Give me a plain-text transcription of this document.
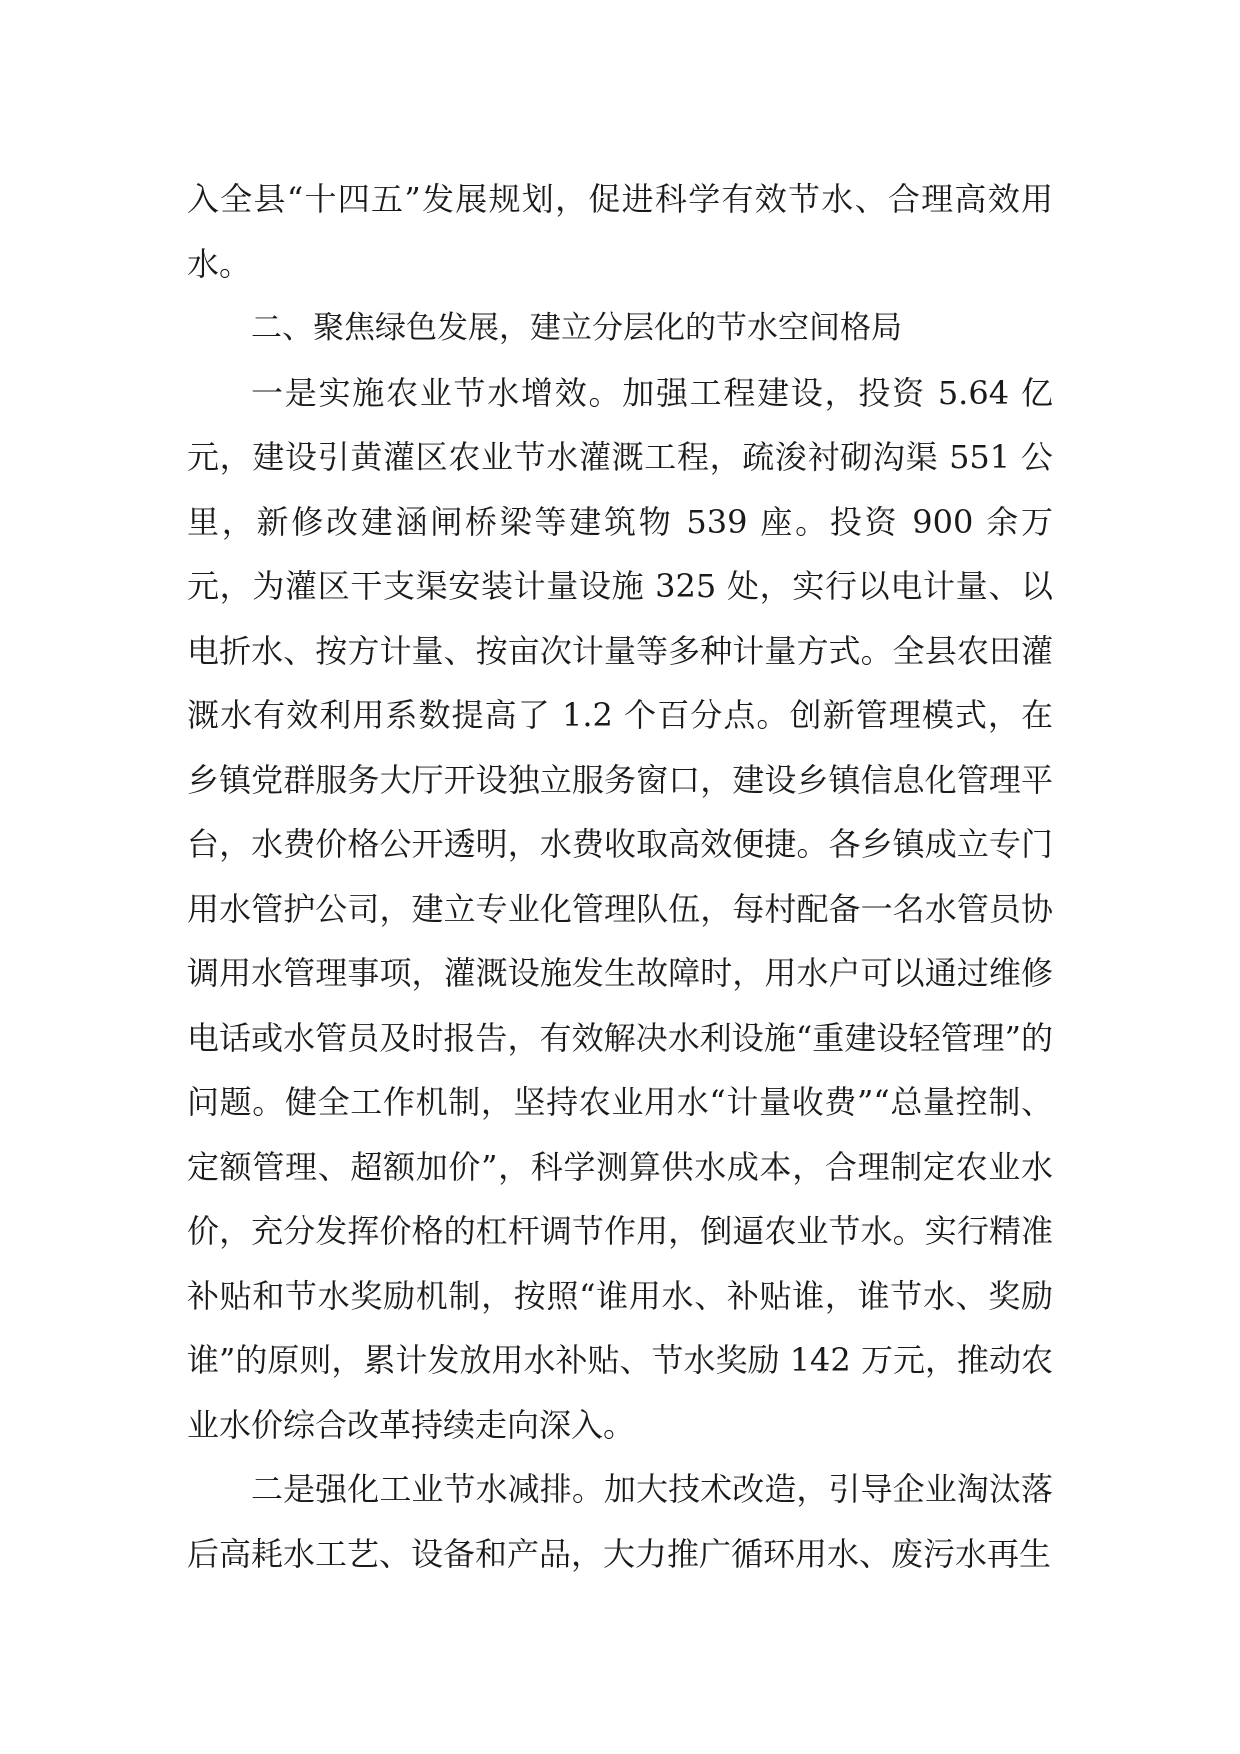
入全县“十四五”发展规划，促进科学有效节水、合理高效用水。

二、聚焦绿色发展，建立分层化的节水空间格局

一是实施农业节水增效。加强工程建设，投资 5.64 亿元，建设引黄灌区农业节水灌溉工程，疏浚衬砌沟渠 551 公里，新修改建涵闸桥梁等建筑物 539 座。投资 900 余万元，为灌区干支渠安装计量设施 325 处，实行以电计量、以电折水、按方计量、按亩次计量等多种计量方式。全县农田灌溉水有效利用系数提高了 1.2 个百分点。创新管理模式，在乡镇党群服务大厅开设独立服务窗口，建设乡镇信息化管理平台，水费价格公开透明，水费收取高效便捷。各乡镇成立专门用水管护公司，建立专业化管理队伍，每村配备一名水管员协调用水管理事项，灌溉设施发生故障时，用水户可以通过维修电话或水管员及时报告，有效解决水利设施“重建设轻管理”的问题。健全工作机制，坚持农业用水“计量收费”“总量控制、定额管理、超额加价”，科学测算供水成本，合理制定农业水价，充分发挥价格的杠杆调节作用，倒逼农业节水。实行精准补贴和节水奖励机制，按照“谁用水、补贴谁，谁节水、奖励谁”的原则，累计发放用水补贴、节水奖励 142 万元，推动农业水价综合改革持续走向深入。

二是强化工业节水减排。加大技术改造，引导企业淘汰落后高耗水工艺、设备和产品，大力推广循环用水、废污水再生
